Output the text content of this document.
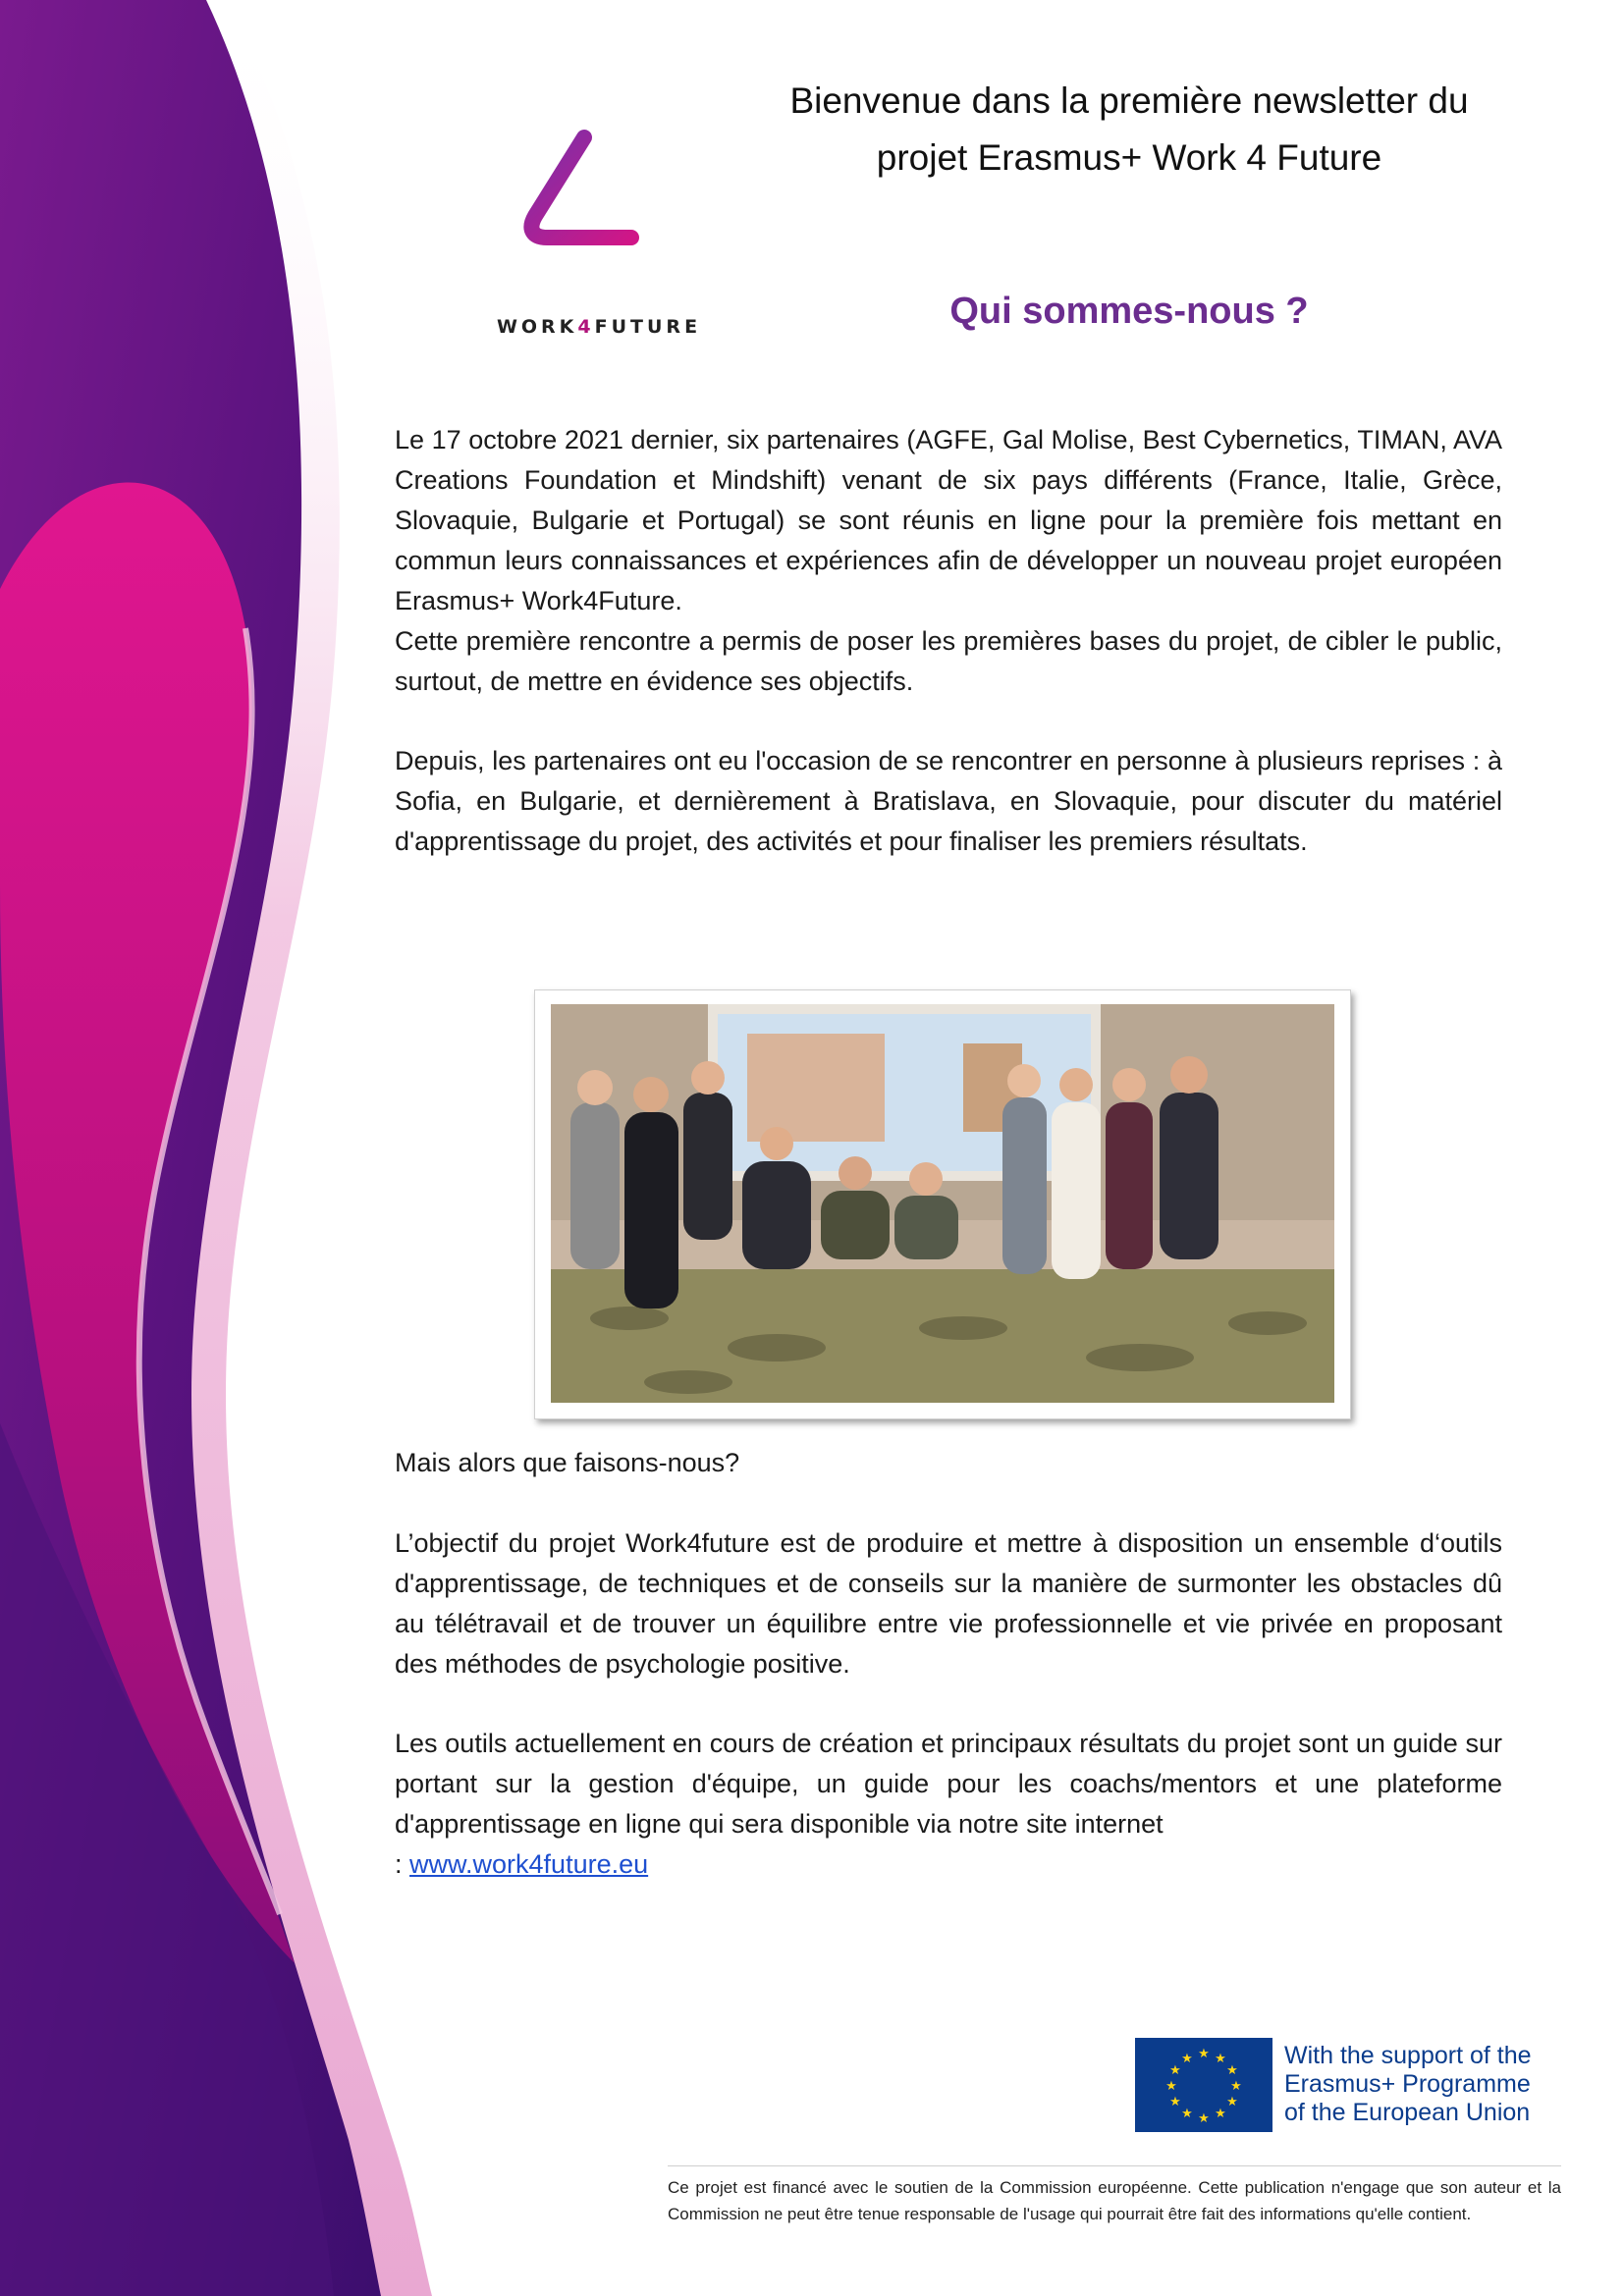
WORK4FUTURE
Bienvenue dans la première newsletter du
projet Erasmus+ Work 4 Future
Qui sommes-nous ?

Le 17 octobre 2021 dernier, six partenaires (AGFE, Gal Molise, Best Cybernetics, TIMAN, AVA Creations Foundation et Mindshift) venant de six pays différents (France, Italie, Grèce, Slovaquie, Bulgarie et Portugal) se sont réunis en ligne pour la première fois mettant en commun leurs connaissances et expériences afin de développer un nouveau projet européen Erasmus+ Work4Future.

Cette première rencontre a permis de poser les premières bases du projet, de cibler le public, surtout, de mettre en évidence ses objectifs.

Depuis, les partenaires ont eu l'occasion de se rencontrer en personne à plusieurs reprises : à Sofia, en Bulgarie, et dernièrement à Bratislava, en Slovaquie, pour discuter du matériel d'apprentissage du projet, des activités et pour finaliser les premiers résultats.

Mais alors que faisons-nous?

L’objectif du projet Work4future est de produire et mettre à disposition un ensemble d‘outils d'apprentissage, de techniques et de conseils sur la manière de surmonter les obstacles dû au télétravail et de trouver un équilibre entre vie professionnelle et vie privée en proposant des méthodes de psychologie positive.

Les outils actuellement en cours de création et principaux résultats du projet sont un guide sur portant sur la gestion d'équipe, un guide pour les coachs/mentors et une plateforme d'apprentissage en ligne qui sera disponible via notre site internet
: www.work4future.eu

★ ★
★
★
★
★
★
★
★
★
★
★	With the support of the
Erasmus+ Programme
of the European Union
Ce projet est financé avec le soutien de la Commission européenne. Cette publication n'engage que son auteur et la Commission ne peut être tenue responsable de l'usage qui pourrait être fait des informations qu'elle contient.
